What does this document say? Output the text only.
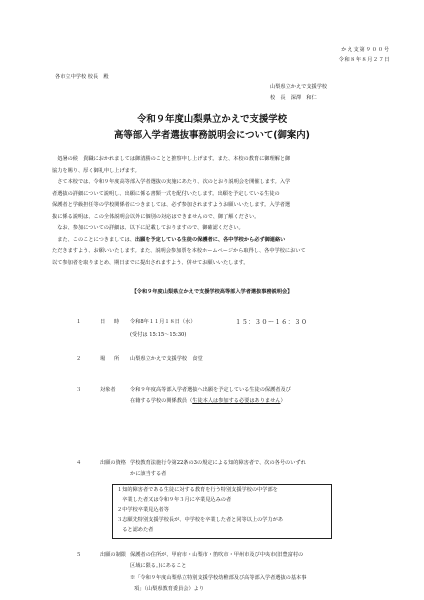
かえ支第９００号
令和８年８月２７日
各市立中学校 校長　殿
山梨県立かえで支援学校
校　長　深澤　和仁
令和９年度山梨県立かえで支援学校
高等部入学者選抜事務説明会について(御案内)
　処暑の候　貴職におかれましては御清勝のことと推察申し上げます。また、本校の教育に御理解と御
協力を賜り、厚く御礼申し上げます。
　さて本校では、令和９年度高等部入学者選抜の実施にあたり、次のとおり説明会を開催します。入学
者選抜の詳細について説明し、出願に係る書類一式を配付いたします。出願を予定している生徒の
保護者と学級担任等の学校関係者につきましては、必ず参加されますようお願いいたします。入学者選
抜に係る説明は、この全体説明会以外に個別の対応はできませんので、御了解ください。
　なお、参加についての詳細は、以下に記載しておりますので、御確認ください。
　また、このことにつきましては、出願を予定している生徒の保護者に、各中学校から必ず御連絡い
ただきますよう、お願いいたします。また、説明会参加票を本校ホームページから取得し、各中学校において
以て参加者を取りまとめ、期日までに提出されますよう、併せてお願いいたします。
【令和９年度山梨県立かえで支援学校高等部入学者選抜事務説明会】
１	日　時 令和8年１１月１８日（水）	１５：３０～１６：３０
(受付は 15:15～15:30)
２	場　所 山梨県立かえで支援学校　食堂
３	対象者	令和９年度高等部入学者選抜へ出願を予定している生徒の保護者及び
在籍する学校の関係教員（生徒本人は参加する必要はありません）
４	出願の資格 学校教育法施行令第22条の3の規定による知的障害者で、次の各号のいずれ
かに該当する者
１知的障害者である生徒に対する教育を行う特別支援学校の中学部を
　卒業した者又は令和９年３月に卒業見込みの者
２中学校卒業見込者等
３志願先特別支援学校長が、中学校を卒業した者と同等以上の学力があ
　ると認めた者
５	出願の制限 保護者の住所が、甲府市・山梨市・笛吹市・甲州市及び中央市(旧豊富村の
区域に限る。)にあること
※「令和９年度山梨県立特別支援学校幼稚部及び高等部入学者選抜の基本事
項」（山梨県教育委員会）より
